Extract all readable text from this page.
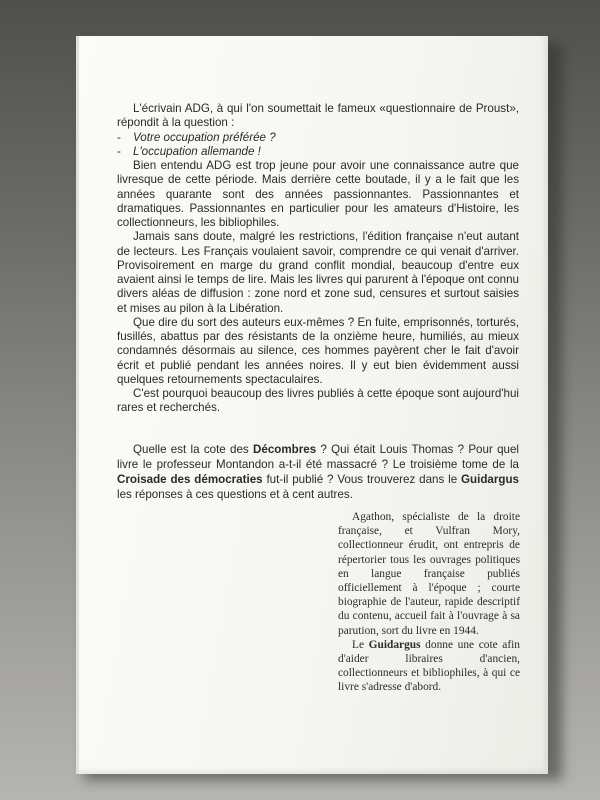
L'écrivain ADG, à qui l'on soumettait le fameux «questionnaire de Proust», répondit à la question :

- Votre occupation préférée ?

- L'occupation allemande !

Bien entendu ADG est trop jeune pour avoir une connaissance autre que livresque de cette période. Mais derrière cette boutade, il y a le fait que les années quarante sont des années passionnantes. Passionnantes et dramatiques. Passionnantes en particulier pour les amateurs d'Histoire, les collectionneurs, les bibliophiles.

Jamais sans doute, malgré les restrictions, l'édition française n'eut autant de lecteurs. Les Français voulaient savoir, comprendre ce qui venait d'arriver. Provisoirement en marge du grand conflit mondial, beaucoup d'entre eux avaient ainsi le temps de lire. Mais les livres qui parurent à l'époque ont connu divers aléas de diffusion : zone nord et zone sud, censures et surtout saisies et mises au pilon à la Libération.

Que dire du sort des auteurs eux-mêmes ? En fuite, emprisonnés, torturés, fusillés, abattus par des résistants de la onzième heure, humiliés, au mieux condamnés désormais au silence, ces hommes payèrent cher le fait d'avoir écrit et publié pendant les années noires. Il y eut bien évidemment aussi quelques retournements spectaculaires.

C'est pourquoi beaucoup des livres publiés à cette époque sont aujourd'hui rares et recherchés.

Quelle est la cote des Décombres ? Qui était Louis Thomas ? Pour quel livre le professeur Montandon a-t-il été massacré ? Le troisième tome de la Croisade des démocraties fut-il publié ? Vous trouverez dans le Guidargus les réponses à ces questions et à cent autres.

Agathon, spécialiste de la droite française, et Vulfran Mory, collectionneur érudit, ont entrepris de répertorier tous les ouvrages politiques en langue française publiés officiellement à l'époque ; courte biographie de l'auteur, rapide descriptif du contenu, accueil fait à l'ouvrage à sa parution, sort du livre en 1944.

Le Guidargus donne une cote afin d'aider libraires d'ancien, collectionneurs et bibliophiles, à qui ce livre s'adresse d'abord.
